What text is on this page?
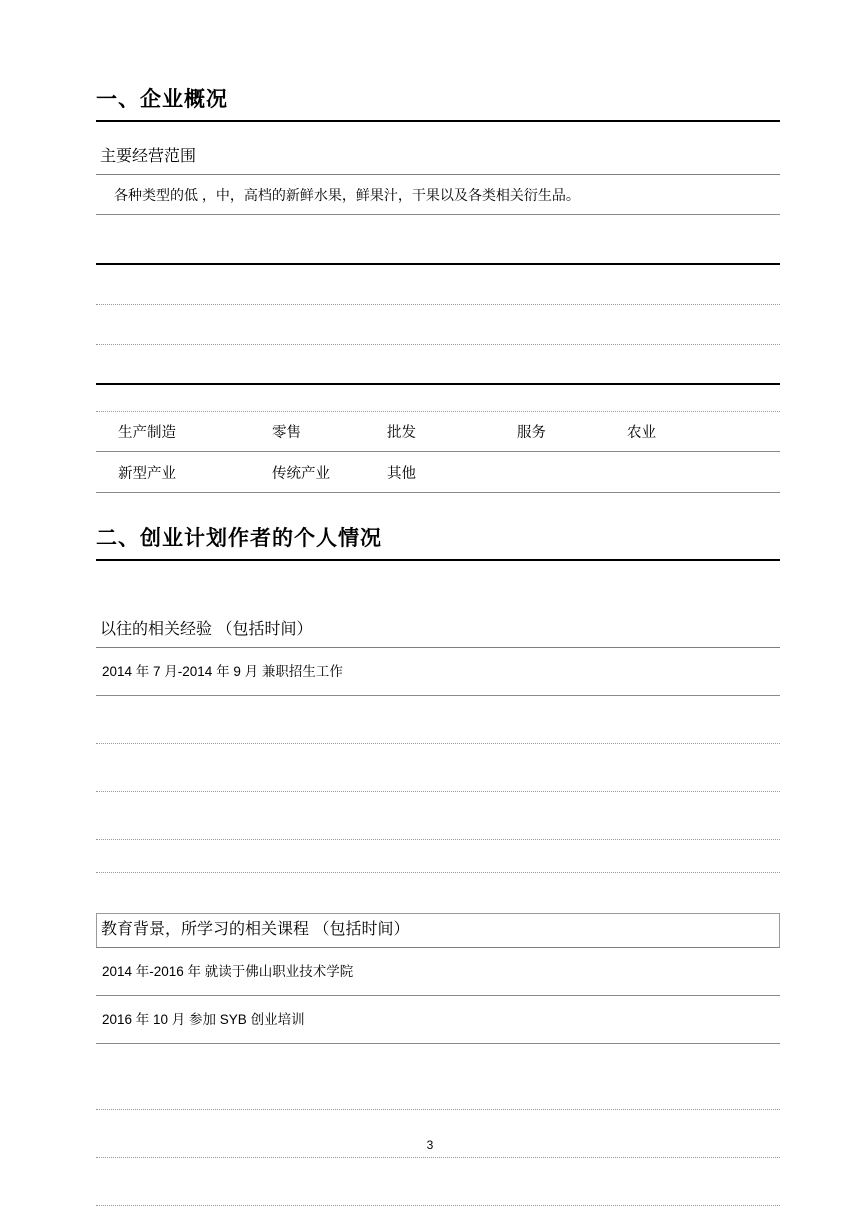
一、企业概况
主要经营范围
各种类型的低 ，中，高档的新鲜水果，鲜果汁，干果以及各类相关衍生品。
生产制造	零售	批发	服务	农业
新型产业	传统产业	其他
二、创业计划作者的个人情况
以往的相关经验 （包括时间）
2014 年 7 月-2014 年 9 月 兼职招生工作
教育背景，所学习的相关课程 （包括时间）
2014 年-2016 年 就读于佛山职业技术学院
2016 年 10 月 参加 SYB 创业培训
3
